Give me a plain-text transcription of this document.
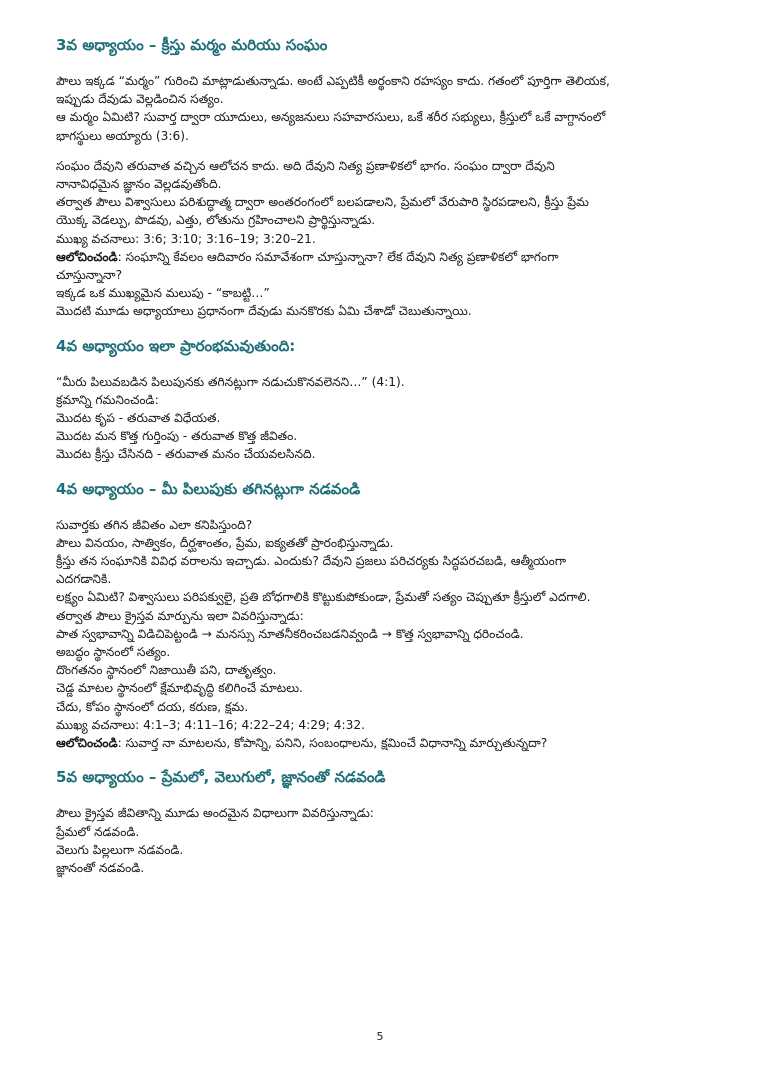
3వ అధ్యాయం – క్రీస్తు మర్మం మరియు సంఘం

పౌలు ఇక్కడ “మర్మం” గురించి మాట్లాడుతున్నాడు. అంటే ఎప్పటికీ అర్థంకాని రహస్యం కాదు. గతంలో పూర్తిగా తెలియక,

ఇప్పుడు దేవుడు వెల్లడించిన సత్యం.

ఆ మర్మం ఏమిటి? సువార్త ద్వారా యూదులు, అన్యజనులు సహవారసులు, ఒకే శరీర సభ్యులు, క్రీస్తులో ఒకే వాగ్దానంలో

భాగస్థులు అయ్యారు (3:6).

సంఘం దేవుని తరువాత వచ్చిన ఆలోచన కాదు. అది దేవుని నిత్య ప్రణాళికలో భాగం. సంఘం ద్వారా దేవుని

నానావిధమైన జ్ఞానం వెల్లడవుతోంది.

తర్వాత పౌలు విశ్వాసులు పరిశుద్ధాత్మ ద్వారా అంతరంగంలో బలపడాలని, ప్రేమలో వేరుపారి స్థిరపడాలని, క్రీస్తు ప్రేమ

యొక్క వెడల్పు, పొడవు, ఎత్తు, లోతును గ్రహించాలని ప్రార్థిస్తున్నాడు.

ముఖ్య వచనాలు: 3:6; 3:10; 3:16–19; 3:20–21.

ఆలోచించండి: సంఘాన్ని కేవలం ఆదివారం సమావేశంగా చూస్తున్నానా? లేక దేవుని నిత్య ప్రణాళికలో భాగంగా

చూస్తున్నానా?

ఇక్కడ ఒక ముఖ్యమైన మలుపు - “కాబట్టి…”

మొదటి మూడు అధ్యాయాలు ప్రధానంగా దేవుడు మనకొరకు ఏమి చేశాడో చెబుతున్నాయి.

4వ అధ్యాయం ఇలా ప్రారంభమవుతుంది:

“మీరు పిలువబడిన పిలుపునకు తగినట్లుగా నడుచుకొనవలెనని…” (4:1).

క్రమాన్ని గమనించండి:

మొదట కృప - తరువాత విధేయత.

మొదట మన కొత్త గుర్తింపు - తరువాత కొత్త జీవితం.

మొదట క్రీస్తు చేసినది - తరువాత మనం చేయవలసినది.

4వ అధ్యాయం – మీ పిలుపుకు తగినట్లుగా నడవండి

సువార్తకు తగిన జీవితం ఎలా కనిపిస్తుంది?

పౌలు వినయం, సాత్వికం, దీర్ఘశాంతం, ప్రేమ, ఐక్యతతో ప్రారంభిస్తున్నాడు.

క్రీస్తు తన సంఘానికి వివిధ వరాలను ఇచ్చాడు. ఎందుకు? దేవుని ప్రజలు పరిచర్యకు సిద్ధపరచబడి, ఆత్మీయంగా

ఎదగడానికి.

లక్ష్యం ఏమిటి? విశ్వాసులు పరిపక్వులై, ప్రతి బోధగాలికి కొట్టుకుపోకుండా, ప్రేమతో సత్యం చెప్పుతూ క్రీస్తులో ఎదగాలి.

తర్వాత పౌలు క్రైస్తవ మార్పును ఇలా వివరిస్తున్నాడు:

పాత స్వభావాన్ని విడిచిపెట్టండి → మనస్సు నూతనీకరించబడనివ్వండి → కొత్త స్వభావాన్ని ధరించండి.

అబద్ధం స్థానంలో సత్యం.

దొంగతనం స్థానంలో నిజాయితీ పని, దాతృత్వం.

చెడ్డ మాటల స్థానంలో క్షేమాభివృద్ధి కలిగించే మాటలు.

చేదు, కోపం స్థానంలో దయ, కరుణ, క్షమ.

ముఖ్య వచనాలు: 4:1–3; 4:11–16; 4:22–24; 4:29; 4:32.

ఆలోచించండి: సువార్త నా మాటలను, కోపాన్ని, పనిని, సంబంధాలను, క్షమించే విధానాన్ని మార్చుతున్నదా?

5వ అధ్యాయం – ప్రేమలో, వెలుగులో, జ్ఞానంతో నడవండి

పౌలు క్రైస్తవ జీవితాన్ని మూడు అందమైన విధాలుగా వివరిస్తున్నాడు:

ప్రేమలో నడవండి.

వెలుగు పిల్లలుగా నడవండి.

జ్ఞానంతో నడవండి.

5
